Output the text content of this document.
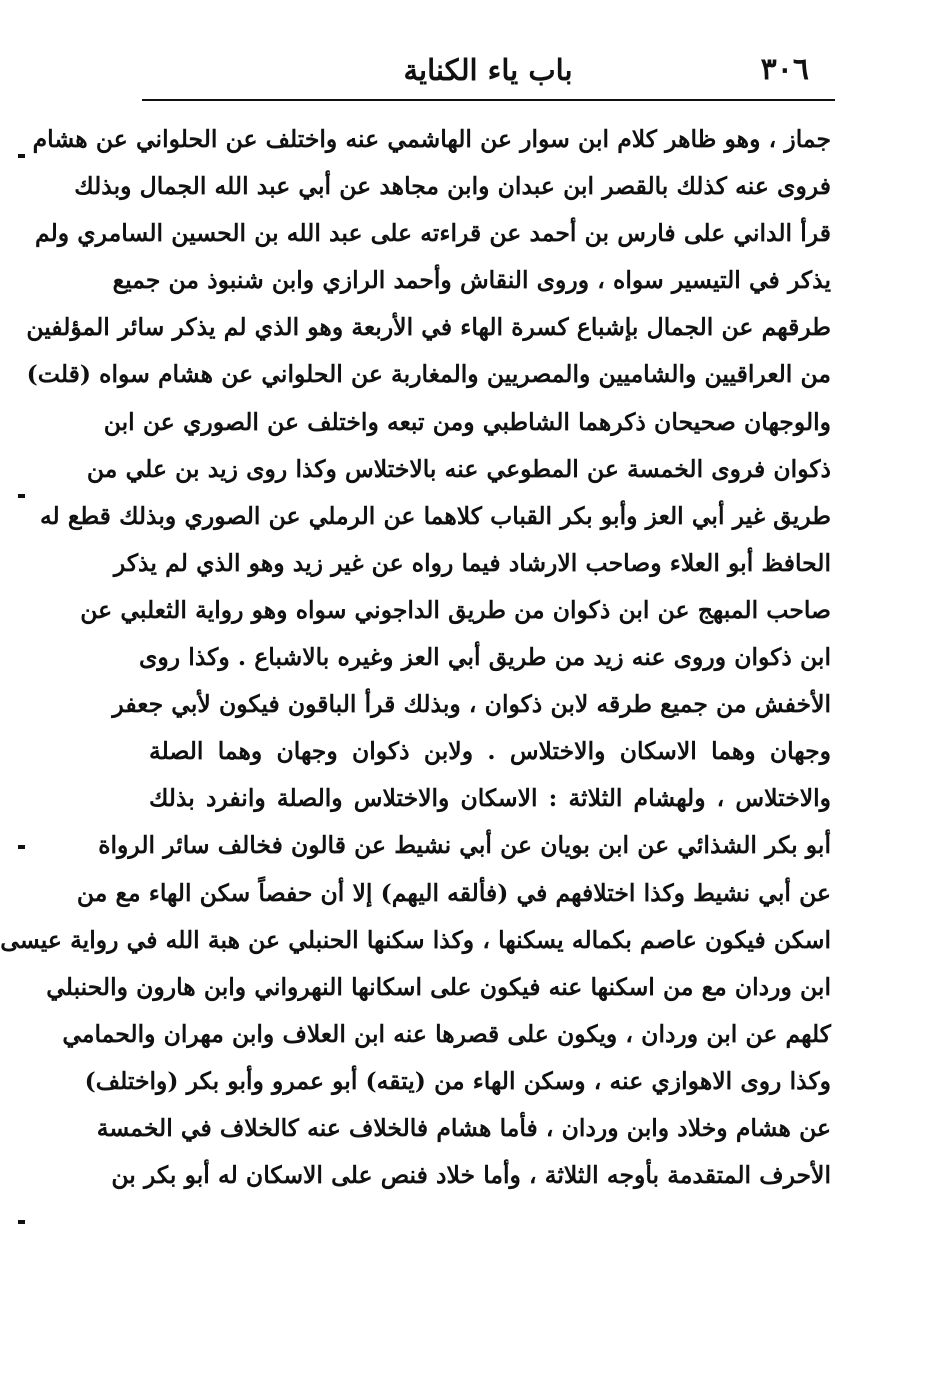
٣٠٦
باب ياء الكناية
جماز ، وهو ظاهر كلام ابن سوار عن الهاشمي عنه واختلف عن الحلواني عن هشام
فروى عنه كذلك بالقصر ابن عبدان وابن مجاهد عن أبي عبد الله الجمال وبذلك
قرأ الداني على فارس بن أحمد عن قراءته على عبد الله بن الحسين السامري ولم
يذكر في التيسير سواه ، وروى النقاش وأحمد الرازي وابن شنبوذ من جميع
طرقهم عن الجمال بإشباع كسرة الهاء في الأربعة وهو الذي لم يذكر سائر المؤلفين
من العراقيين والشاميين والمصريين والمغاربة عن الحلواني عن هشام سواه (قلت)
والوجهان صحيحان ذكرهما الشاطبي ومن تبعه واختلف عن الصوري عن ابن
ذكوان فروى الخمسة عن المطوعي عنه بالاختلاس وكذا روى زيد بن علي من
طريق غير أبي العز وأبو بكر القباب كلاهما عن الرملي عن الصوري وبذلك قطع له
الحافظ أبو العلاء وصاحب الارشاد فيما رواه عن غير زيد وهو الذي لم يذكر
صاحب المبهج عن ابن ذكوان من طريق الداجوني سواه وهو رواية الثعلبي عن
ابن ذكوان وروى عنه زيد من طريق أبي العز وغيره بالاشباع . وكذا روى
الأخفش من جميع طرقه لابن ذكوان ، وبذلك قرأ الباقون فيكون لأبي جعفر
وجهان وهما الاسكان والاختلاس . ولابن ذكوان وجهان وهما الصلة
والاختلاس ، ولهشام الثلاثة : الاسكان والاختلاس والصلة وانفرد بذلك
أبو بكر الشذائي عن ابن بويان عن أبي نشيط عن قالون فخالف سائر الرواة
عن أبي نشيط وكذا اختلافهم في (فألقه اليهم) إلا أن حفصاً سكن الهاء مع من
اسكن فيكون عاصم بكماله يسكنها ، وكذا سكنها الحنبلي عن هبة الله في رواية عيسى
ابن وردان مع من اسكنها عنه فيكون على اسكانها النهرواني وابن هارون والحنبلي
كلهم عن ابن وردان ، ويكون على قصرها عنه ابن العلاف وابن مهران والحمامي
وكذا روى الاهوازي عنه ، وسكن الهاء من (يتقه) أبو عمرو وأبو بكر (واختلف)
عن هشام وخلاد وابن وردان ، فأما هشام فالخلاف عنه كالخلاف في الخمسة
الأحرف المتقدمة بأوجه الثلاثة ، وأما خلاد فنص على الاسكان له أبو بكر بن
